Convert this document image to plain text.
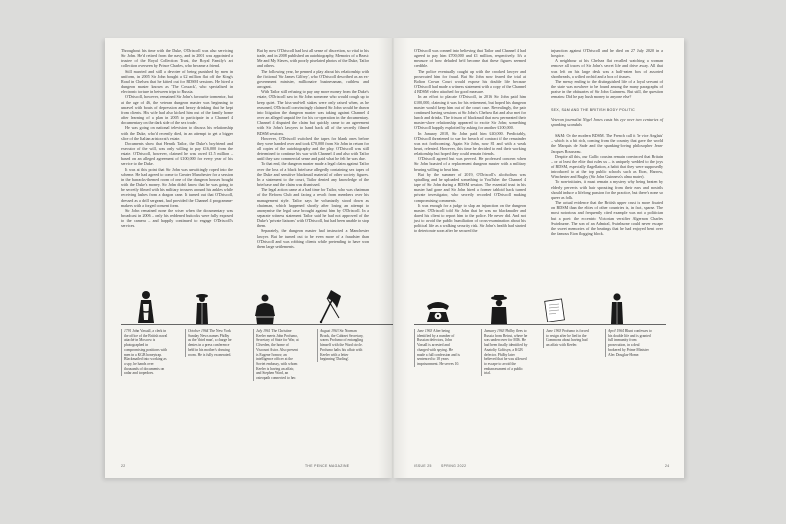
Throughout his time with the Duke, O'Driscoll was also servicing Sir John. He'd retired from the navy, and in 2001 was appointed a trustee of the Royal Collection Trust, the Royal Family's art collection overseen by Prince Charles, who became a friend.

Still married and still a devotee of being punished by men in uniform, in 2005 Sir John bought a £2 million flat off the King's Road in Chelsea that he kitted out for BDSM sessions. He hired a dungeon master known as 'The Cossack', who specialised in electronic torture in between trips to Russia.

O'Driscoll, however, remained Sir John's favourite tormentor, but at the age of 46, the veteran dungeon master was beginning to unravel with bouts of depression and heavy drinking that he kept from clients. His wife had also kicked him out of the family home after learning of a plan in 2005 to participate in a Channel 4 documentary on the dark side of the sex trade.

He was going on national television to discuss his relationship with the Duke, who'd recently died, in an attempt to get a bigger slice of the Italian aristocrat's estate.

Documents show that Henrik Tailor, the Duke's boyfriend and executor of the will, was only willing to pay £16,000 from the estate. O'Driscoll, however, claimed he was owed £1.5 million – based on an alleged agreement of £100,000 for every year of his service to the Duke.

It was at this point that Sir John was unwittingly roped into the scheme. He had agreed to come to Greater Manchester for a session in the barracks-themed room of one of the dungeon houses bought with the Duke's money. Sir John didn't know that he was going to be secretly filmed with his military trousers around his ankles while receiving lashes from a dragon cane. It turned out that O'Driscoll, dressed as a drill sergeant, had provided the Channel 4 programme-makers with a forged consent form.

Sir John remained none the wiser when the documentary was broadcast in 2006 – only his reddened buttocks were fully exposed to the camera – and happily continued to engage O'Driscoll's services.

But by now O'Driscoll had lost all sense of discretion, so vital to his trade, and in 2008 published an autobiography, Memoirs of a Beast: Me and My Slaves, with poorly pixelated photos of the Duke, Tailor and others.

The following year, he penned a play about his relationship with the fictional 'Sir James Gilfrey', who O'Driscoll described as an ex-government minister, millionaire businessman, ruthless and arrogant.

With Tailor still refusing to pay any more money from the Duke's estate, O'Driscoll saw in Sir John someone who would cough up to keep quiet. The kiss-and-tell stakes were only raised when, as he reasoned, O'Driscoll convincingly claimed Sir John would be drawn into litigation the dungeon master was taking against Channel 4 over an alleged unpaid fee for his co-operation in the documentary. Channel 4 disputed the claim but quickly came to an agreement with Sir John's lawyers to hand back all of the secretly filmed BDSM sessions.

However, O'Driscoll switched the tapes for blank ones before they were handed over and took £70,000 from Sir John in return for all copies of the autobiography and the play. O'Driscoll was still determined to continue his war with Channel 4 and also with Tailor until they saw commercial sense and paid what he felt he was due.

To that end, the dungeon master made a legal claim against Tailor over the loss of a black briefcase allegedly containing sex tapes of the Duke and sensitive blackmail material of other society figures. In a statement to the court, Tailor denied any knowledge of the briefcase and the claim was dismissed.

The legal action came at a bad time for Tailor, who was chairman of the Reform Club and facing a revolt from members over his management style. Tailor says he voluntarily stood down as chairman, which happened shortly after losing an attempt to anonymise the legal case brought against him by O'Driscoll. In a separate witness statement Tailor said he had not approved of the Duke's 'private liaisons' with O'Driscoll, but had been unable to stop them.

Separately, the dungeon master had instructed a Manchester lawyer. But he turned out to be even more of a fraudster than O'Driscoll and was robbing clients while pretending to have won them large settlements.

1791 John Vassall, a clerk in the office of the British naval attaché in Moscow is photographed in compromising positions with men in a KGB honeytrap. Blackmailed into working as a spy, he hands over thousands of documents on radar and torpedoes.
October 1964 The New York Sunday News names Philby as the 'third man', a charge he denies in a press conference held in his mother's drawing room. He is fully exonerated.
July 1961 The Christine Keeler meets John Profumo, Secretary of State for War, at Cliveden, the home of Viscount Astor. Also present is Eugene Ivanov, an intelligence officer at the Soviet embassy, with whom Keeler is having an affair, and Stephen Ward, an osteopath connected to her.
August 1963 Sir Norman Brook, the Cabinet Secretary, warns Profumo of entangling himself with the Ward circle. Profumo halts his affair with Keeler with a letter beginning 'Darling'.
22	THE PENCE MAGAZINE

O'Driscoll was conned into believing that Tailor and Channel 4 had agreed to pay him £700,000 and £1 million, respectively. It's a measure of how deluded he'd become that these figures seemed credible.

The police eventually caught up with the crooked lawyer and prosecuted him for fraud. But Sir John now feared the trial at Bolton Crown Court would expose his double life because O'Driscoll had made a witness statement with a copy of the Channel 4 BDSM video attached for good measure.

In an effort to placate O'Driscoll, in 2016 Sir John paid him £100,000, claiming it was for his retirement, but hoped his dungeon master would keep him out of the court case. Revealingly, the pair continued having sessions at Sir John's Chelsea flat and also met for lunch and drinks. The frisson of blackmail that now permeated their master-slave relationship appeared to excite Sir John; something O'Driscoll happily exploited by asking for another £100,000.

In January 2018, Sir John paid him £40,000. Predictably, O'Driscoll threatened to sue for breach of contract if the remainder was not forthcoming. Again Sir John, now 81 and with a weak heart, relented. However, this time he decided to end their working relationship but hoped they could remain friends.

O'Driscoll agreed but was peeved. He professed concern when Sir John boasted of a replacement dungeon master with a military bearing willing to beat him.

But by the summer of 2019, O'Driscoll's alcoholism was spiralling and he uploaded something to YouTube: the Channel 4 tape of Sir John during a BDSM session. The essential trust in his master had gone and Sir John hired a former tabloid hack turned private investigator, who secretly recorded O'Driscoll making compromising comments.

It was enough for a judge to slap an injunction on the dungeon master. O'Driscoll told Sir John that he was no blackmailer and dared his client to report him to the police. He never did. And not just to avoid the public humiliation of cross-examination about his political life as a walking security risk. Sir John's health had started to deteriorate soon after he secured the

injunction against O'Driscoll and he died on 27 July 2020 in a hospice.

A neighbour at his Chelsea flat recalled watching a woman remove all traces of Sir John's secret life and drive away. All that was left on his large desk was a half-eaten box of assorted shortbreads, a wilted orchid and a box of tissues.

The messy ending to the distinguished life of a loyal servant of the state was nowhere to be found among the many paragraphs of praise in the obituaries of Sir John Guinness. But still, the question remains: Did he pay hush money to anyone else?

SEX, S&M AND THE BRITISH BODY POLITIC

Veteran journalist Nigel Jones casts his eye over two centuries of spanking scandals

S&M: Or the modern BDSM. The French call it 'le vice Anglais' – which is a bit rich, coming from the country that gave the world the Marquis de Sade and the spanking-loving philosopher Jean-Jacques Rousseau.

Despite all this, our Gallic cousins remain convinced that Britain – or at least the elite that rules us – is uniquely wedded to the joys of BDSM, especially flagellation, a habit that they were supposedly introduced to at the top public schools such as Eton, Harrow, Winchester and Rugby (Sir John Guinness's alma mater).

To non-initiates, it must remain a mystery why being beaten by elderly perverts with hair sprouting from their ears and nostrils should induce a lifelong passion for the practice, but there's none so queer as folk.

The actual evidence that the British upper crust is more fixated on BDSM than the elites of other countries is, in fact, sparse. The most notorious and frequently cited example was not a politician but a poet: the eccentric Victorian versifier Algernon Charles Swinburne. The son of an Admiral, Swinburne could never escape the sweet memories of the beatings that he had enjoyed bent over the famous Eton flogging block.

June 1963 After being identified by a number of Russian defectors, John Vassall is arrested and charged with spying. He made a full confession and is sentenced to 18 years imprisonment. He serves 10.
January 1963 Philby flees to Russia from Beirut, where he was undercover for MI6. He had been finally identified by Anatoliy Golitsyn, a KGB defector. Philby later believed that he was allowed to escape to avoid the embarrassment of a public trial.
June 1963 Profumo is forced to resign after he lied in the Commons about having had an affair with Keeler.
April 1964 Blunt confesses to his double life and is granted full immunity from prosecution, in a deal brokered by Prime Minister Alec Douglas-Home.
ISSUE 25	SPRING 2022	24
